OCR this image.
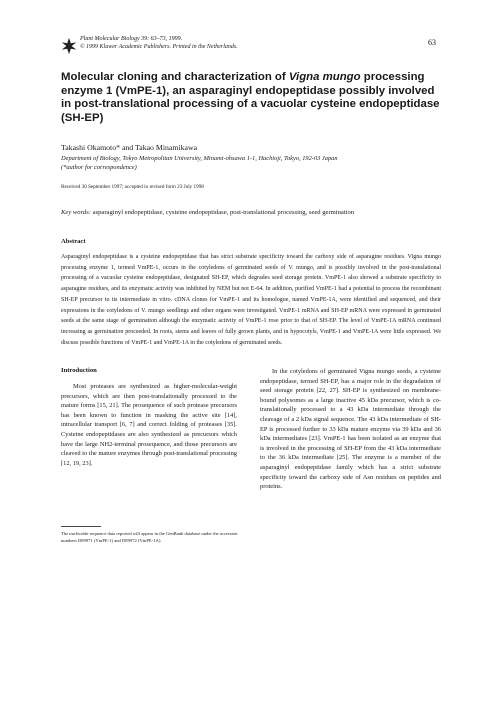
Plant Molecular Biology 39: 63–73, 1999.
© 1999 Kluwer Academic Publishers. Printed in the Netherlands.	63
Molecular cloning and characterization of Vigna mungo processing enzyme 1 (VmPE-1), an asparaginyl endopeptidase possibly involved in post-translational processing of a vacuolar cysteine endopeptidase (SH-EP)
Takashi Okamoto* and Takao Minamikawa
Department of Biology, Tokyo Metropolitan University, Minami-ohsawa 1-1, Hachioji, Tokyo, 192-03 Japan
(*author for correspondence)
Received 30 September 1997; accepted in revised form 23 July 1998
Key words: asparaginyl endopeptidase, cysteine endopeptidase, post-translational processing, seed germination
Abstract

Asparaginyl endopeptidase is a cysteine endopeptidase that has strict substrate specificity toward the carboxy side of asparagine residues. Vigna mungo processing enzyme 1, termed VmPE-1, occurs in the cotyledons of germinated seeds of V. mungo, and is possibly involved in the post-translational processing of a vacuolar cysteine endopeptidase, designated SH-EP, which degrades seed storage protein. VmPE-1 also showed a substrate specificity to asparagine residues, and its enzymatic activity was inhibited by NEM but not E-64. In addition, purified VmPE-1 had a potential to process the recombinant SH-EP precursor to its intermediate in vitro. cDNA clones for VmPE-1 and its homologue, named VmPE-1A, were identified and sequenced, and their expressions in the cotyledons of V. mungo seedlings and other organs were investigated. VmPE-1 mRNA and SH-EP mRNA were expressed in germinated seeds at the same stage of germination although the enzymatic activity of VmPE-1 rose prior to that of SH-EP. The level of VmPE-1A mRNA continued increasing as germination proceeded. In roots, stems and leaves of fully grown plants, and in hypocotyls, VmPE-1 and VmPE-1A were little expressed. We discuss possible functions of VmPE-1 and VmPE-1A in the cotyledons of germinated seeds.

Introduction

Most proteases are synthesized as higher-molecular-weight precursors, which are then post-translationally processed to the mature forms [15, 21]. The prosequence of such protease precursors has been known to function in masking the active site [14], intracellular transport [6, 7] and correct folding of proteases [35]. Cysteine endopeptidases are also synthesized as precursors which have the large NH2-terminal prosequence, and those precursors are cleaved to the mature enzymes through post-translational processing [12, 19, 23].

In the cotyledons of germinated Vigna mungo seeds, a cysteine endopeptidase, termed SH-EP, has a major role in the degradation of seed storage protein [22, 27]. SH-EP is synthesized on membrane-bound polysomes as a large inactive 45 kDa precursor, which is co-translationally processed to a 43 kDa intermediate through the cleavage of a 2 kDa signal sequence. The 43 kDa intermediate of SH-EP is processed further to 33 kDa mature enzyme via 39 kDa and 36 kDa intermediates [23]. VmPE-1 has been isolated as an enzyme that is involved in the processing of SH-EP from the 43 kDa intermediate to the 36 kDa intermediate [25]. The enzyme is a member of the asparaginyl endopeptidase family which has a strict substrate specificity toward the carboxy side of Asn residues on peptides and proteins.

The nucleotide sequence data reported will appear in the GenBank database under the accession numbers D89971 (VmPE-1) and D89972 (VmPE-1A).
